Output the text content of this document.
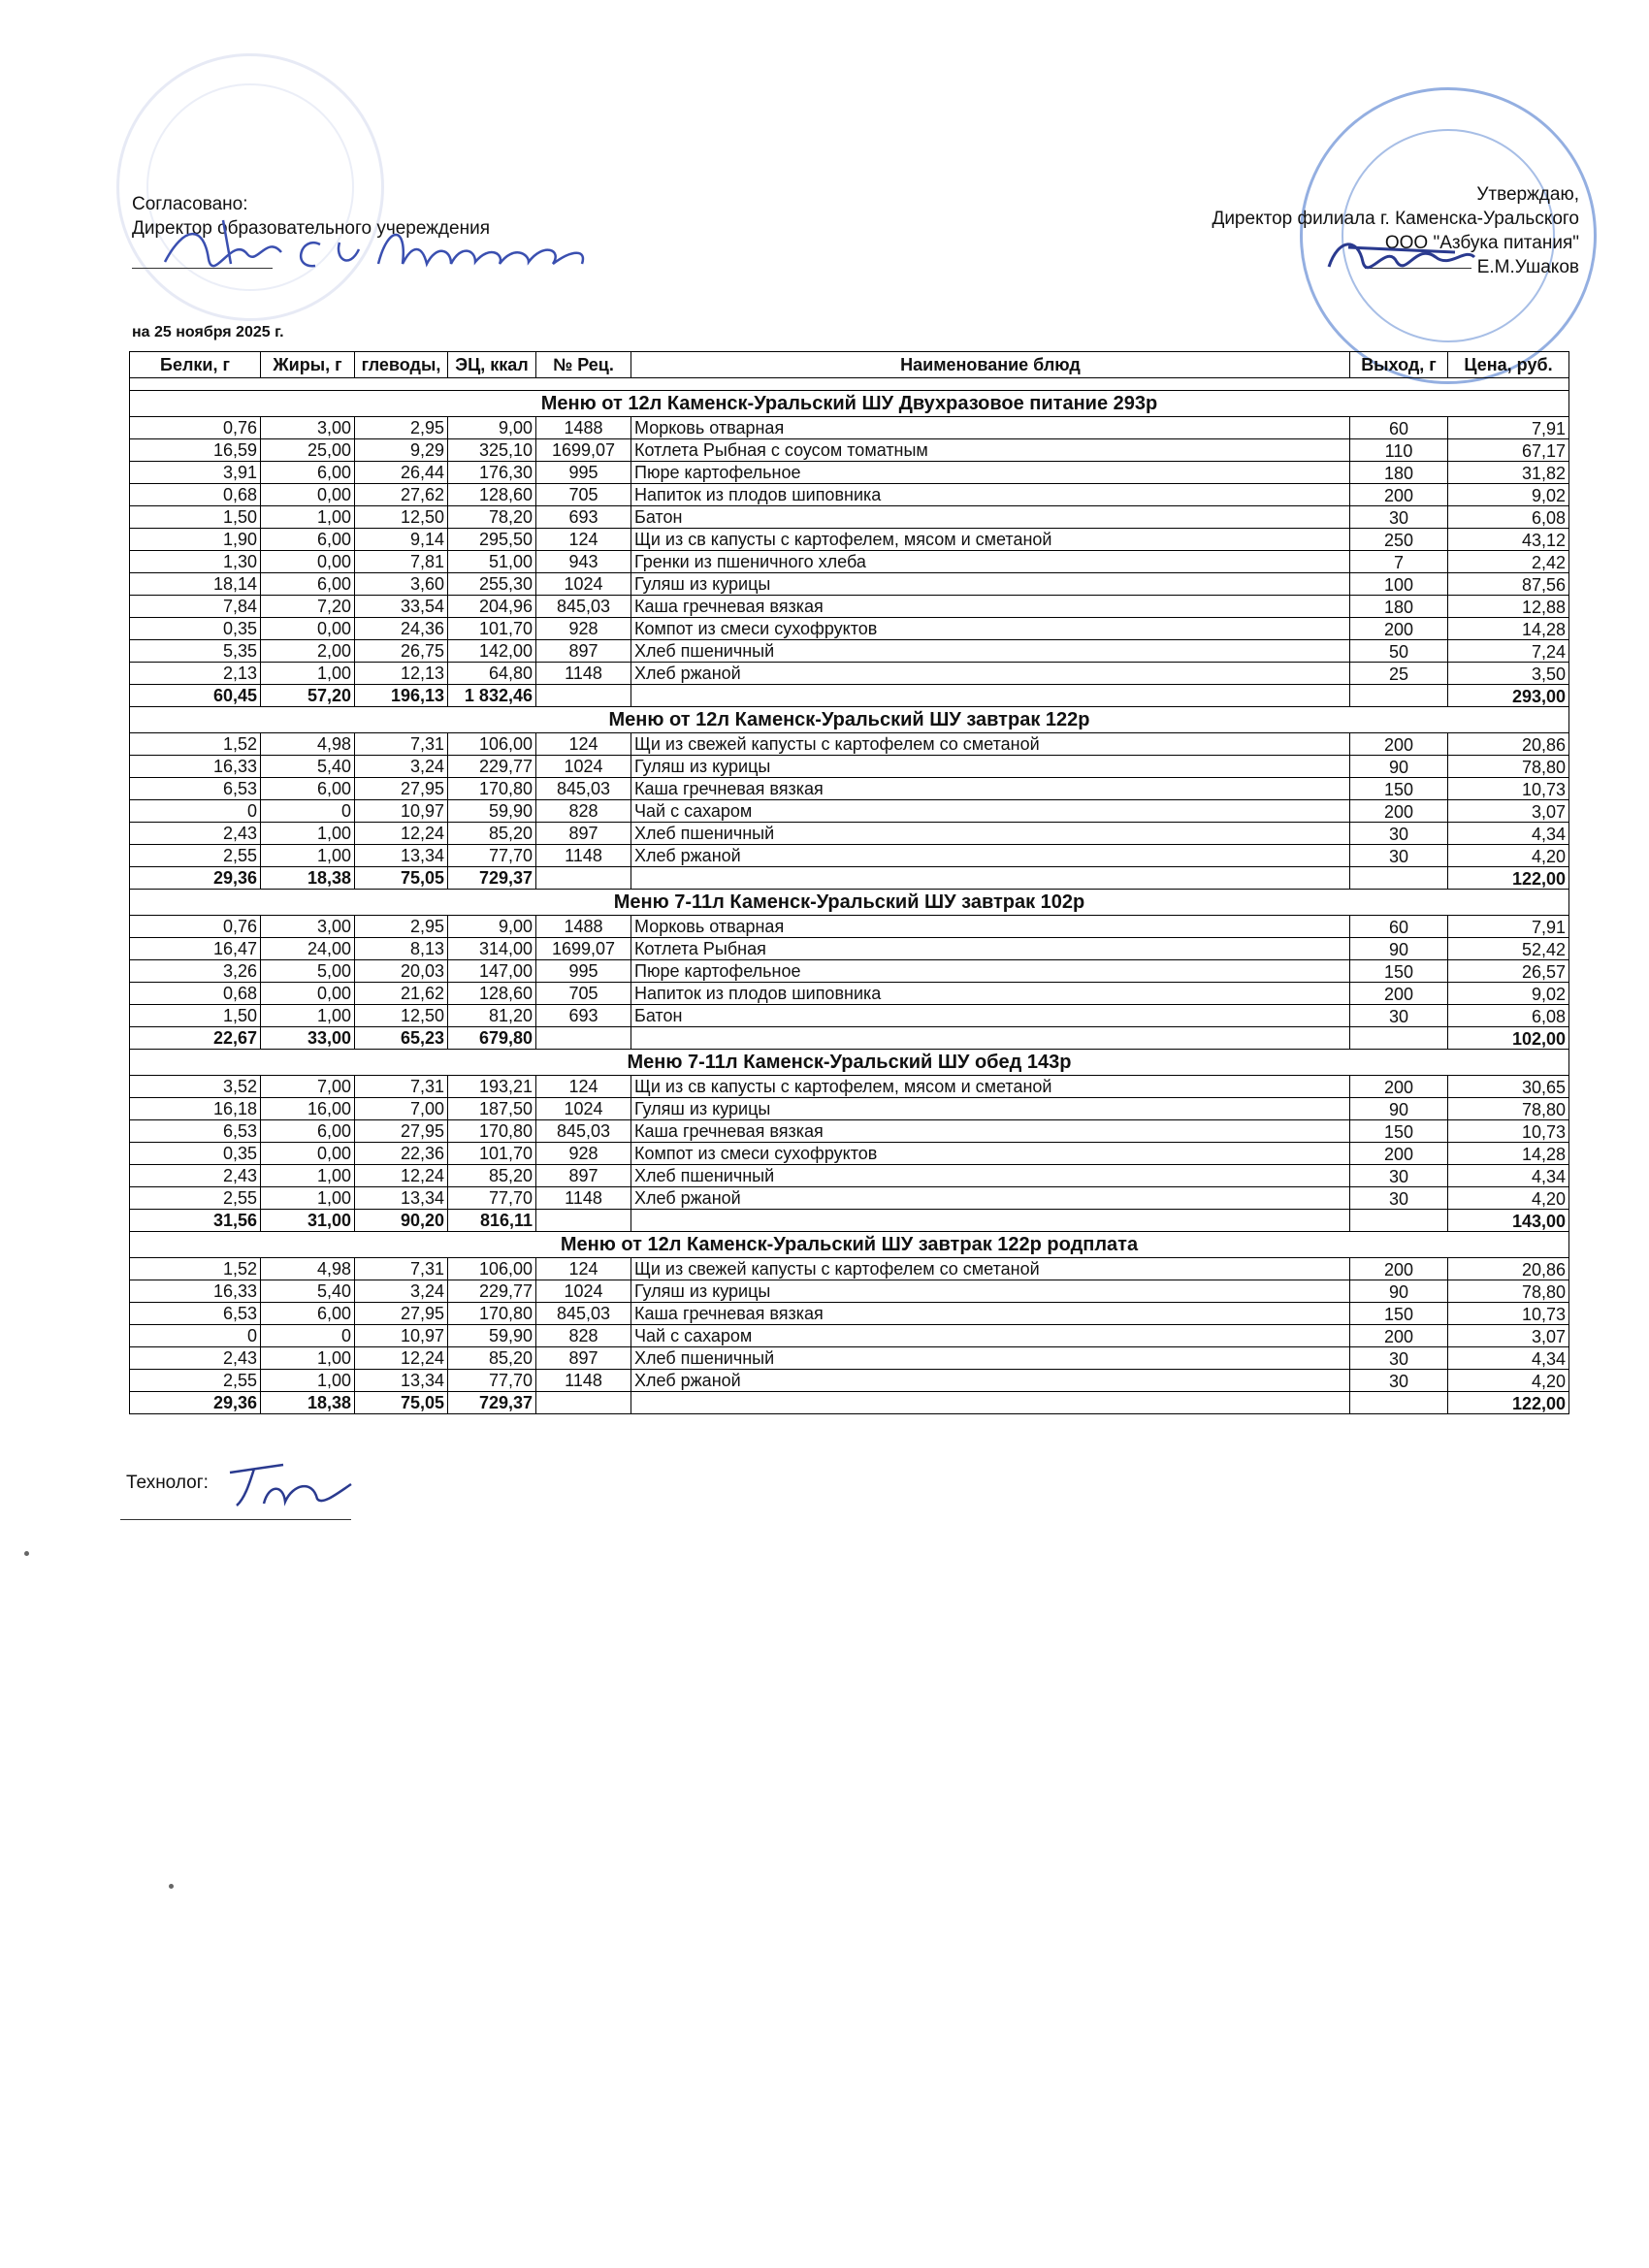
Согласовано:
Директор образовательного учереждения
Утверждаю,
Директор филиала г. Каменска-Уральского
ООО "Азбука питания"
Е.М.Ушаков
на 25 ноября 2025 г.
Белки, г	Жиры, г	глеводы,	ЭЦ, ккал	№ Рец.	Наименование блюд	Выход, г	Цена, руб.

Меню от 12л Каменск-Уральский ШУ Двухразовое питание 293р							
0,76	3,00	2,95	9,00	1488	Морковь отварная	60	7,91
16,59	25,00	9,29	325,10	1699,07	Котлета Рыбная с соусом томатным	110	67,17
3,91	6,00	26,44	176,30	995	Пюре картофельное	180	31,82
0,68	0,00	27,62	128,60	705	Напиток из плодов шиповника	200	9,02
1,50	1,00	12,50	78,20	693	Батон	30	6,08
1,90	6,00	9,14	295,50	124	Щи из св капусты с картофелем, мясом и сметаной	250	43,12
1,30	0,00	7,81	51,00	943	Гренки из пшеничного хлеба	7	2,42
18,14	6,00	3,60	255,30	1024	Гуляш из курицы	100	87,56
7,84	7,20	33,54	204,96	845,03	Каша гречневая вязкая	180	12,88
0,35	0,00	24,36	101,70	928	Компот из смеси сухофруктов	200	14,28
5,35	2,00	26,75	142,00	897	Хлеб пшеничный	50	7,24
2,13	1,00	12,13	64,80	1148	Хлеб ржаной	25	3,50
60,45	57,20	196,13	1 832,46				293,00
Меню от 12л Каменск-Уральский ШУ завтрак 122р							
1,52	4,98	7,31	106,00	124	Щи из свежей капусты с картофелем со сметаной	200	20,86
16,33	5,40	3,24	229,77	1024	Гуляш из курицы	90	78,80
6,53	6,00	27,95	170,80	845,03	Каша гречневая вязкая	150	10,73
0	0	10,97	59,90	828	Чай с сахаром	200	3,07
2,43	1,00	12,24	85,20	897	Хлеб пшеничный	30	4,34
2,55	1,00	13,34	77,70	1148	Хлеб ржаной	30	4,20
29,36	18,38	75,05	729,37				122,00
Меню 7-11л Каменск-Уральский ШУ завтрак 102р							
0,76	3,00	2,95	9,00	1488	Морковь отварная	60	7,91
16,47	24,00	8,13	314,00	1699,07	Котлета Рыбная	90	52,42
3,26	5,00	20,03	147,00	995	Пюре картофельное	150	26,57
0,68	0,00	21,62	128,60	705	Напиток из плодов шиповника	200	9,02
1,50	1,00	12,50	81,20	693	Батон	30	6,08
22,67	33,00	65,23	679,80				102,00
Меню 7-11л Каменск-Уральский ШУ обед 143р							
3,52	7,00	7,31	193,21	124	Щи из св капусты с картофелем, мясом и сметаной	200	30,65
16,18	16,00	7,00	187,50	1024	Гуляш из курицы	90	78,80
6,53	6,00	27,95	170,80	845,03	Каша гречневая вязкая	150	10,73
0,35	0,00	22,36	101,70	928	Компот из смеси сухофруктов	200	14,28
2,43	1,00	12,24	85,20	897	Хлеб пшеничный	30	4,34
2,55	1,00	13,34	77,70	1148	Хлеб ржаной	30	4,20
31,56	31,00	90,20	816,11				143,00
Меню от 12л Каменск-Уральский ШУ завтрак 122р родплата							
1,52	4,98	7,31	106,00	124	Щи из свежей капусты с картофелем со сметаной	200	20,86
16,33	5,40	3,24	229,77	1024	Гуляш из курицы	90	78,80
6,53	6,00	27,95	170,80	845,03	Каша гречневая вязкая	150	10,73
0	0	10,97	59,90	828	Чай с сахаром	200	3,07
2,43	1,00	12,24	85,20	897	Хлеб пшеничный	30	4,34
2,55	1,00	13,34	77,70	1148	Хлеб ржаной	30	4,20
29,36	18,38	75,05	729,37				122,00
Технолог:
